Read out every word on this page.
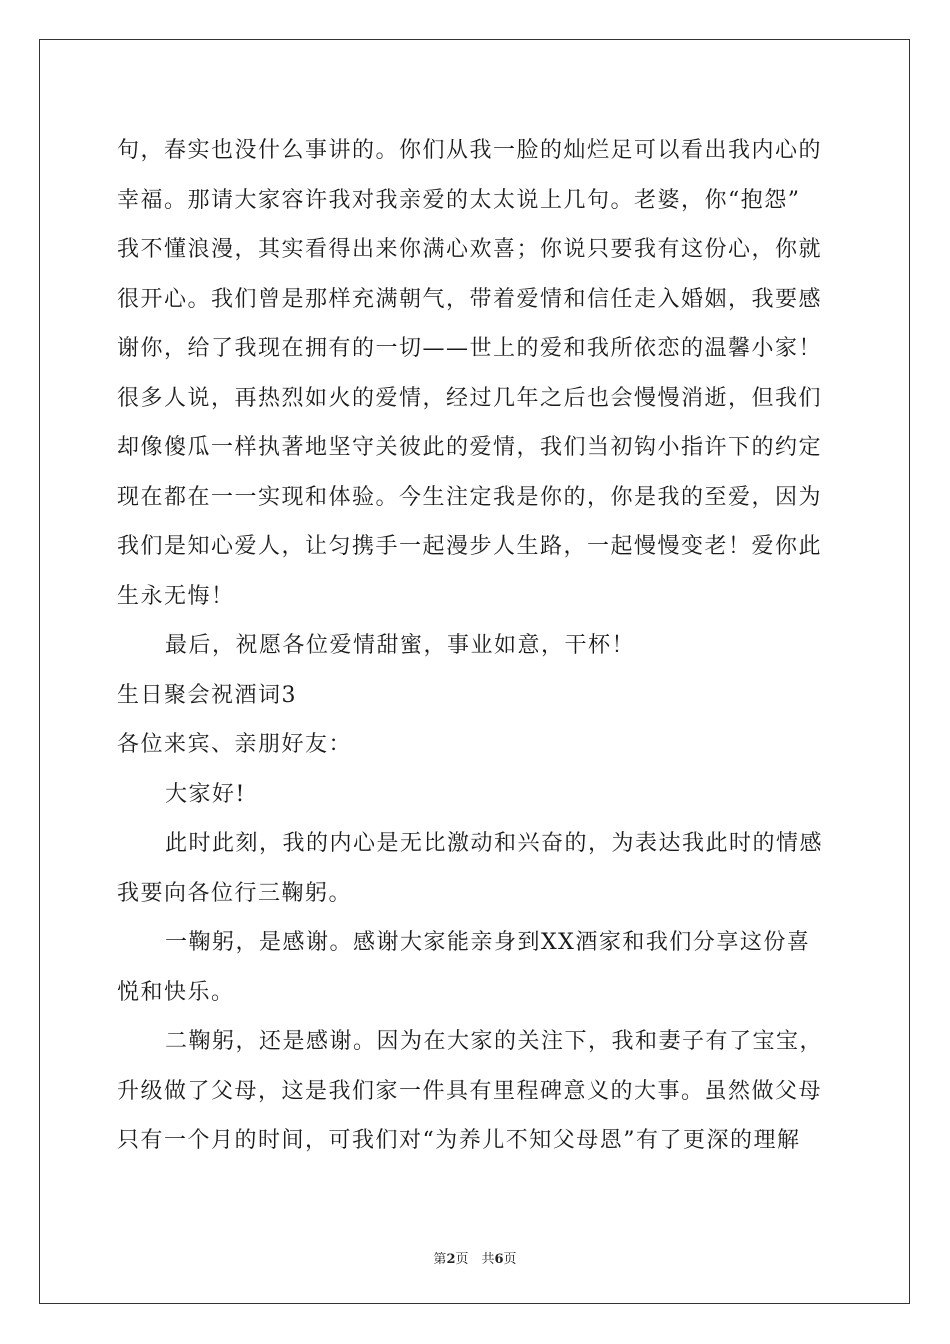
句，春实也没什么事讲的。你们从我一脸的灿烂足可以看出我内心的
幸福。那请大家容许我对我亲爱的太太说上几句。老婆，你“抱怨”
我不懂浪漫，其实看得出来你满心欢喜；你说只要我有这份心，你就
很开心。我们曾是那样充满朝气，带着爱情和信任走入婚姻，我要感
谢你，给了我现在拥有的一切——世上的爱和我所依恋的温馨小家！
很多人说，再热烈如火的爱情，经过几年之后也会慢慢消逝，但我们
却像傻瓜一样执著地坚守关彼此的爱情，我们当初钩小指许下的约定
现在都在一一实现和体验。今生注定我是你的，你是我的至爱，因为
我们是知心爱人，让匀携手一起漫步人生路，一起慢慢变老！爱你此
生永无悔！
最后，祝愿各位爱情甜蜜，事业如意，干杯！
生日聚会祝酒词3
各位来宾、亲朋好友：
大家好!
此时此刻，我的内心是无比激动和兴奋的，为表达我此时的情感
我要向各位行三鞠躬。
一鞠躬，是感谢。感谢大家能亲身到XX酒家和我们分享这份喜
悦和快乐。
二鞠躬，还是感谢。因为在大家的关注下，我和妻子有了宝宝，
升级做了父母，这是我们家一件具有里程碑意义的大事。虽然做父母
只有一个月的时间，可我们对“为养儿不知父母恩”有了更深的理解
第2页　共6页
